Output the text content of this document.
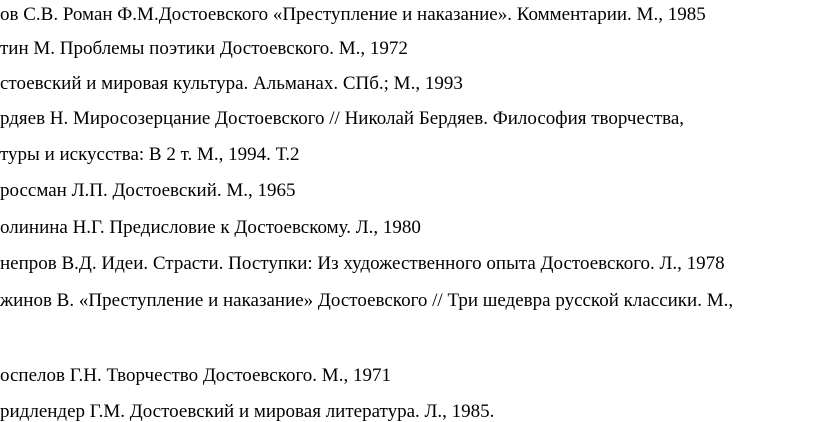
ов С.В. Роман Ф.М.Достоевского «Преступление и наказание». Комментарии. М., 1985
тин М. Проблемы поэтики Достоевского. М., 1972
стоевский и мировая культура. Альманах. СПб.; М., 1993
рдяев Н. Миросозерцание Достоевского // Николай Бердяев. Философия творчества,
туры и искусства: В 2 т. М., 1994. Т.2
россман Л.П. Достоевский. М., 1965
олинина Н.Г. Предисловие к Достоевскому. Л., 1980
непров В.Д. Идеи. Страсти. Поступки: Из художественного опыта Достоевского. Л., 1978
жинов В. «Преступление и наказание» Достоевского // Три шедевра русской классики. М.,
оспелов Г.Н. Творчество Достоевского. М., 1971
ридлендер Г.М. Достоевский и мировая литература. Л., 1985.
